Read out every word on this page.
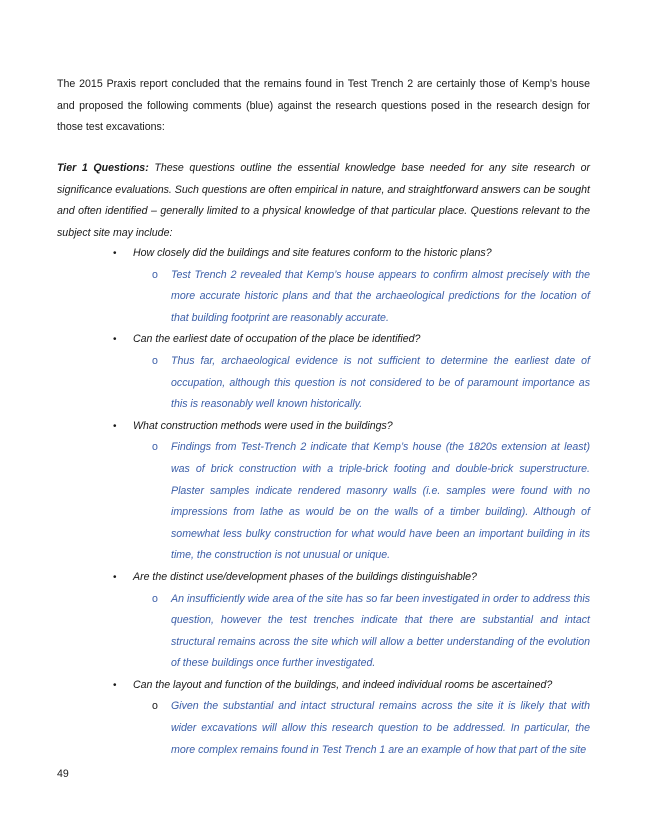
The 2015 Praxis report concluded that the remains found in Test Trench 2 are certainly those of Kemp’s house and proposed the following comments (blue) against the research questions posed in the research design for those test excavations:

Tier 1 Questions: These questions outline the essential knowledge base needed for any site research or significance evaluations. Such questions are often empirical in nature, and straightforward answers can be sought and often identified – generally limited to a physical knowledge of that particular place. Questions relevant to the subject site may include:

• How closely did the buildings and site features conform to the historic plans?
o Test Trench 2 revealed that Kemp’s house appears to confirm almost precisely with the more accurate historic plans and that the archaeological predictions for the location of that building footprint are reasonably accurate.
• Can the earliest date of occupation of the place be identified?
o Thus far, archaeological evidence is not sufficient to determine the earliest date of occupation, although this question is not considered to be of paramount importance as this is reasonably well known historically.
• What construction methods were used in the buildings?
o Findings from Test-Trench 2 indicate that Kemp’s house (the 1820s extension at least) was of brick construction with a triple-brick footing and double-brick superstructure. Plaster samples indicate rendered masonry walls (i.e. samples were found with no impressions from lathe as would be on the walls of a timber building). Although of somewhat less bulky construction for what would have been an important building in its time, the construction is not unusual or unique.
• Are the distinct use/development phases of the buildings distinguishable?
o An insufficiently wide area of the site has so far been investigated in order to address this question, however the test trenches indicate that there are substantial and intact structural remains across the site which will allow a better understanding of the evolution of these buildings once further investigated.
• Can the layout and function of the buildings, and indeed individual rooms be ascertained?
o Given the substantial and intact structural remains across the site it is likely that with wider excavations will allow this research question to be addressed. In particular, the more complex remains found in Test Trench 1 are an example of how that part of the site
49
